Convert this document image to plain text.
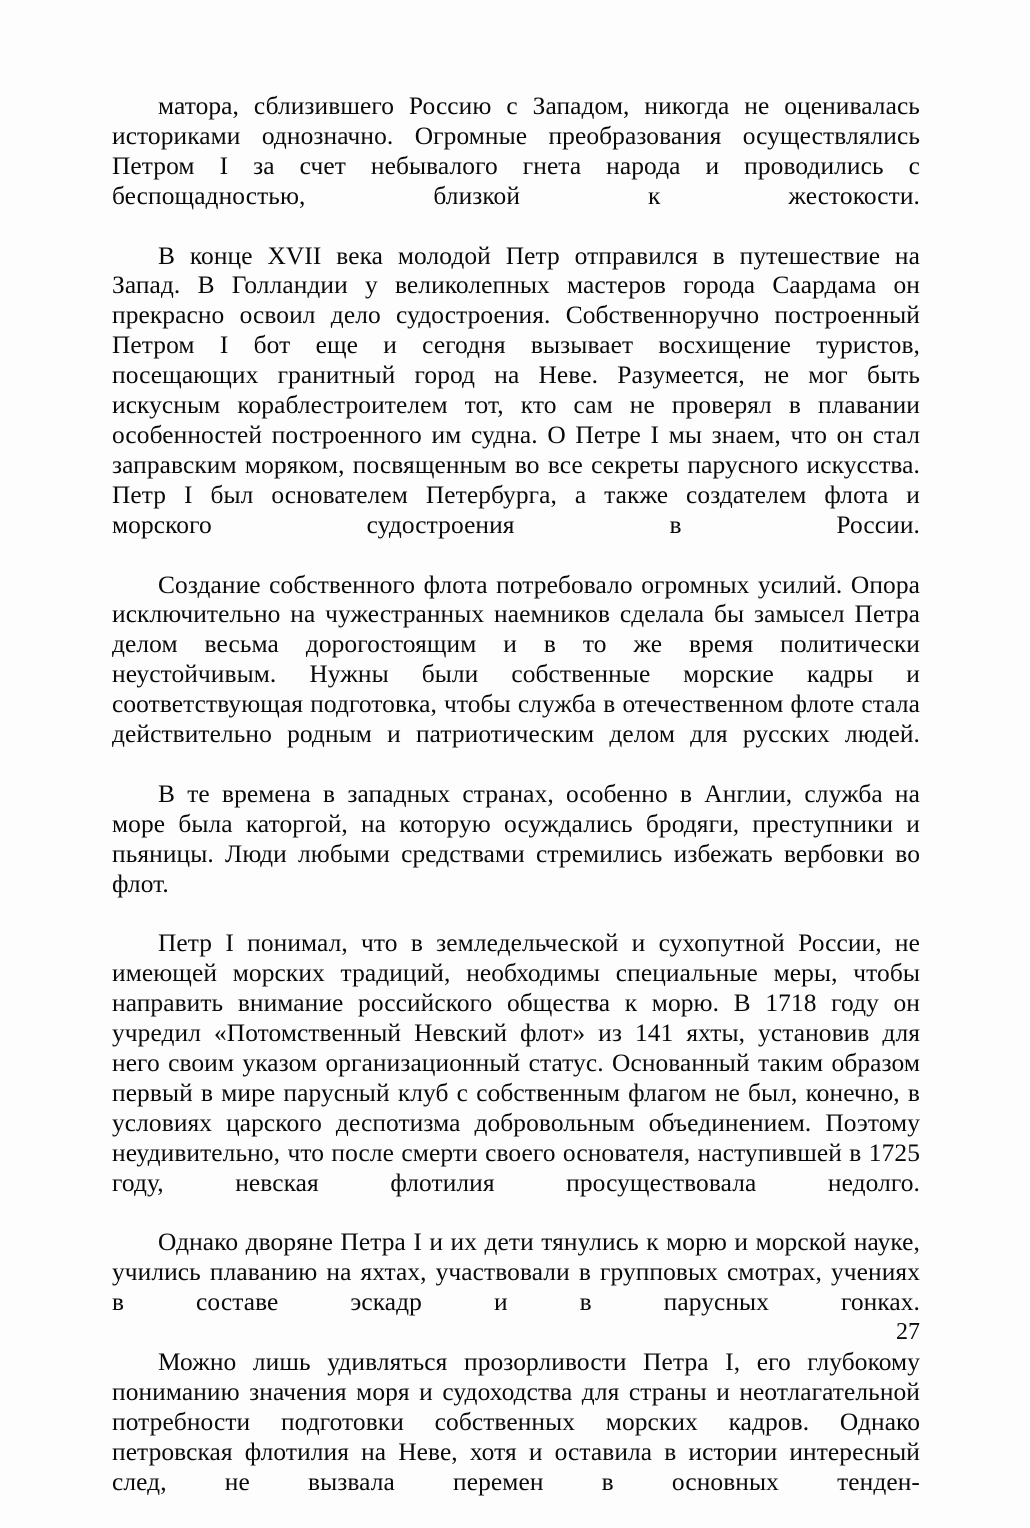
матора, сблизившего Россию с Западом, никогда не оценивалась историками однозначно. Огромные преобразования осуществлялись Петром I за счет небывалого гнета народа и проводились с беспощадностью, близкой к жестокости.

В конце XVII века молодой Петр отправился в путешествие на Запад. В Голландии у великолепных мастеров города Саардама он прекрасно освоил дело судостроения. Собственноручно построенный Петром I бот еще и сегодня вызывает восхищение туристов, посещающих гранитный город на Неве. Разумеется, не мог быть искусным кораблестроителем тот, кто сам не проверял в плавании особенностей построенного им судна. О Петре I мы знаем, что он стал заправским моряком, посвященным во все секреты парусного искусства. Петр I был основателем Петербурга, а также создателем флота и морского судостроения в России.

Создание собственного флота потребовало огромных усилий. Опора исключительно на чужестранных наемников сделала бы замысел Петра делом весьма дорогостоящим и в то же время политически неустойчивым. Нужны были собственные морские кадры и соответствующая подготовка, чтобы служба в отечественном флоте стала действительно родным и патриотическим делом для русских людей.

В те времена в западных странах, особенно в Англии, служба на море была каторгой, на которую осуждались бродяги, преступники и пьяницы. Люди любыми средствами стремились избежать вербовки во флот.

Петр I понимал, что в земледельческой и сухопутной России, не имеющей морских традиций, необходимы специальные меры, чтобы направить внимание российского общества к морю. В 1718 году он учредил «Потомственный Невский флот» из 141 яхты, установив для него своим указом организационный статус. Основанный таким образом первый в мире парусный клуб с собственным флагом не был, конечно, в условиях царского деспотизма добровольным объединением. Поэтому неудивительно, что после смерти своего основателя, наступившей в 1725 году, невская флотилия просуществовала недолго.

Однако дворяне Петра I и их дети тянулись к морю и морской науке, учились плаванию на яхтах, участвовали в групповых смотрах, учениях в составе эскадр и в парусных гонках.

Можно лишь удивляться прозорливости Петра I, его глубокому пониманию значения моря и судоходства для страны и неотлагательной потребности подготовки собственных морских кадров. Однако петровская флотилия на Неве, хотя и оставила в истории интересный след, не вызвала перемен в основных тенден-

27
